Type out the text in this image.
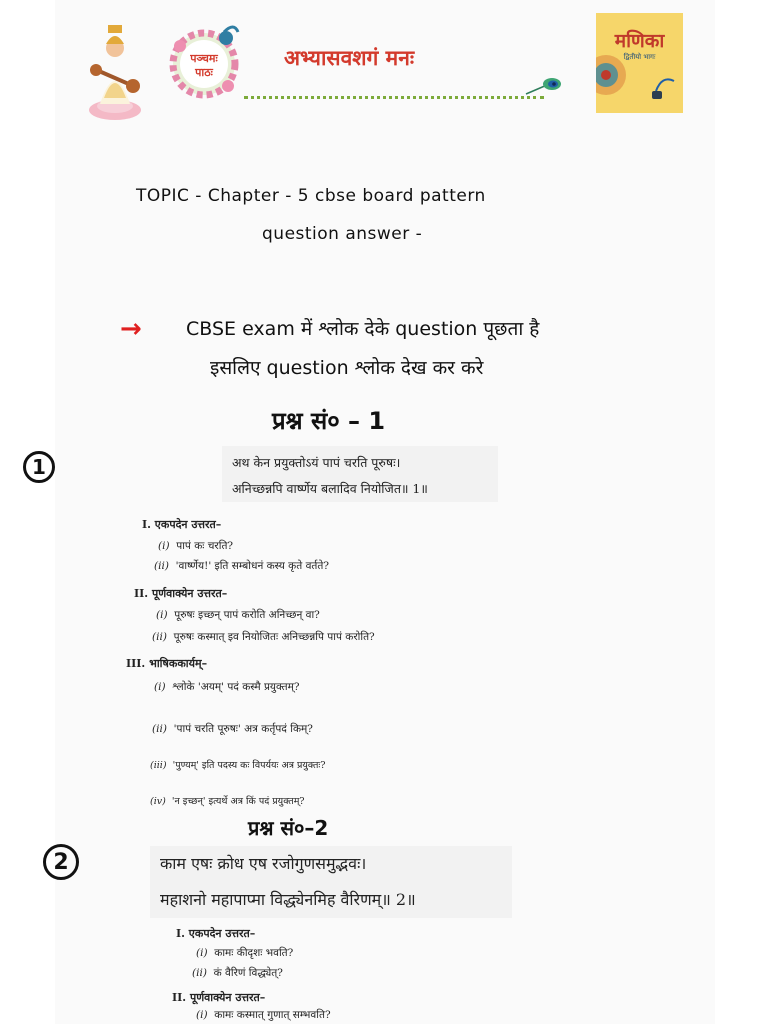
पञ्चमः पाठः
अभ्यासवशगं मनः
मणिका
द्वितीयो भागः
TOPIC - Chapter - 5 cbse board pattern
question answer -
→ CBSE exam में श्लोक देके question पूछता है
इसलिए question श्लोक देख कर करे
प्रश्न सं० – 1
1	अथ केन प्रयुक्तोऽयं पापं चरति पूरुषः।
अनिच्छन्नपि वार्ष्णेय बलादिव नियोजित॥ 1॥
I. एकपदेन उत्तरत–
(i) पापं कः चरति?
(ii) 'वार्ष्णेय!' इति सम्बोधनं कस्य कृते वर्तते?
II. पूर्णवाक्येन उत्तरत–
(i) पूरुषः इच्छन् पापं करोति अनिच्छन् वा?
(ii) पूरुषः कस्मात् इव नियोजितः अनिच्छन्नपि पापं करोति?
III. भाषिककार्यम्–
(i) श्लोके 'अयम्' पदं कस्मै प्रयुक्तम्?
(ii) 'पापं चरति पूरुषः' अत्र कर्तृपदं किम्?
(iii) 'पुण्यम्' इति पदस्य कः विपर्ययः अत्र प्रयुक्तः?
(iv) 'न इच्छन्' इत्यर्थे अत्र किं पदं प्रयुक्तम्?
प्रश्न सं०–2
2	काम एषः क्रोध एष रजोगुणसमुद्भवः।
महाशनो महापाप्मा विद्ध्येनमिह वैरिणम्॥ 2॥
I. एकपदेन उत्तरत–
(i) कामः कीदृशः भवति?
(ii) कं वैरिणं विद्ध्येत्?
II. पूर्णवाक्येन उत्तरत–
(i) कामः कस्मात् गुणात् सम्भवति?
